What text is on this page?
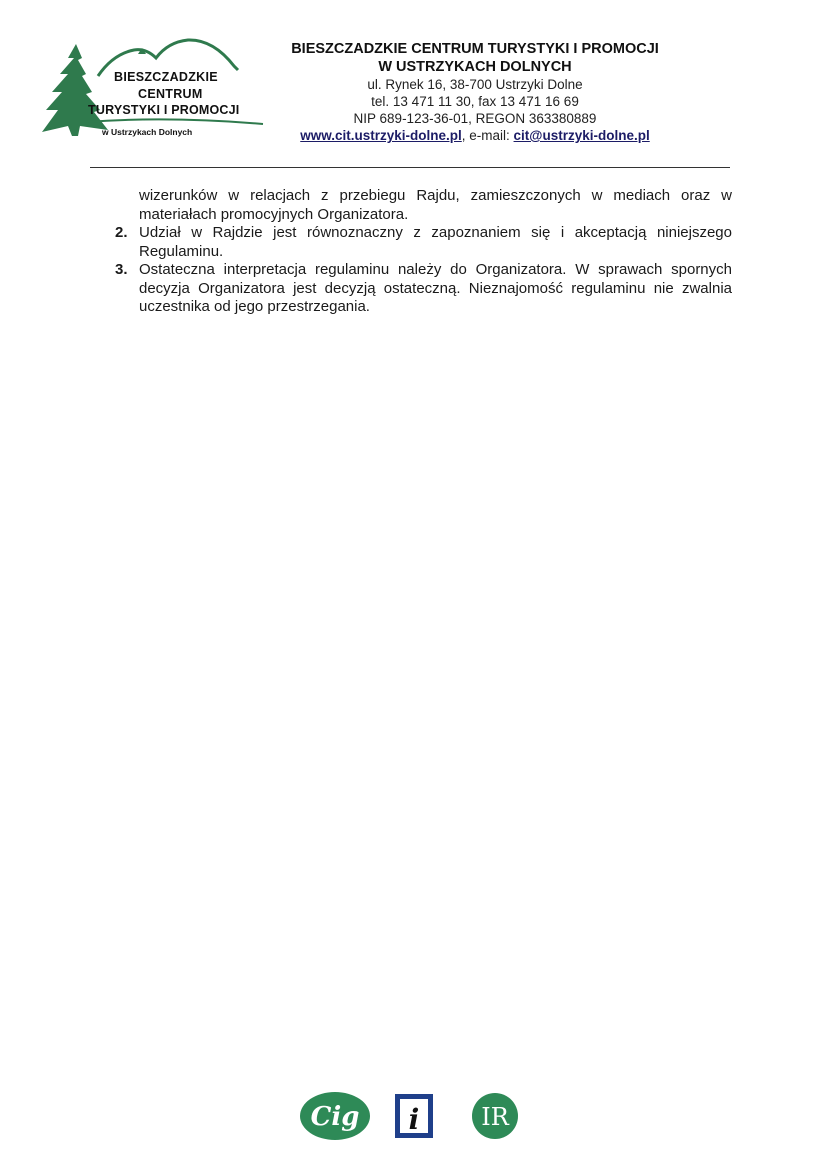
BIESZCZADZKIE
CENTRUM
TURYSTYKI I PROMOCJI
w Ustrzykach Dolnych
BIESZCZADZKIE CENTRUM TURYSTYKI I PROMOCJI
W USTRZYKACH DOLNYCH
ul. Rynek 16, 38-700 Ustrzyki Dolne
tel. 13 471 11 30, fax 13 471 16 69
NIP 689-123-36-01, REGON 363380889
www.cit.ustrzyki-dolne.pl, e-mail: cit@ustrzyki-dolne.pl

wizerunków w relacjach z przebiegu Rajdu, zamieszczonych w mediach oraz w materiałach promocyjnych Organizatora.

2. Udział w Rajdzie jest równoznaczny z zapoznaniem się i akceptacją niniejszego Regulaminu.
3. Ostateczna interpretacja regulaminu należy do Organizatora. W sprawach spornych decyzja Organizatora jest decyzją ostateczną. Nieznajomość regulaminu nie zwalnia uczestnika od jego przestrzegania.
Cig i	IR
